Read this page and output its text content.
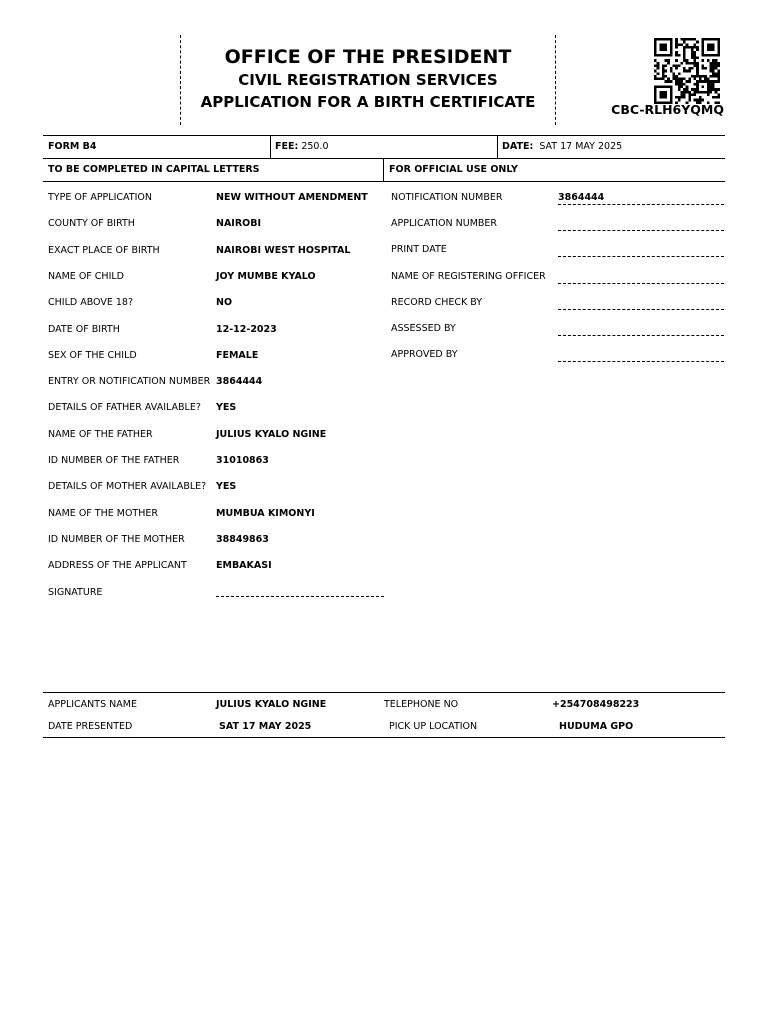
OFFICE OF THE PRESIDENT
CIVIL REGISTRATION SERVICES
APPLICATION FOR A BIRTH CERTIFICATE	CBC-RLH6YQMQ
FORM B4	FEE: 250.0	DATE: SAT 17 MAY 2025
TO BE COMPLETED IN CAPITAL LETTERS	FOR OFFICIAL USE ONLY
TYPE OF APPLICATION	NEW WITHOUT AMENDMENT
COUNTY OF BIRTH	NAIROBI
EXACT PLACE OF BIRTH	NAIROBI WEST HOSPITAL
NAME OF CHILD	JOY MUMBE KYALO
CHILD ABOVE 18?	NO
DATE OF BIRTH	12-12-2023
SEX OF THE CHILD	FEMALE
ENTRY OR NOTIFICATION NUMBER 3864444
DETAILS OF FATHER AVAILABLE? YES
NAME OF THE FATHER	JULIUS KYALO NGINE
ID NUMBER OF THE FATHER	31010863
DETAILS OF MOTHER AVAILABLE? YES
NAME OF THE MOTHER	MUMBUA KIMONYI
ID NUMBER OF THE MOTHER	38849863
ADDRESS OF THE APPLICANT	EMBAKASI
SIGNATURE
NOTIFICATION NUMBER	3864444
APPLICATION NUMBER
PRINT DATE
NAME OF REGISTERING OFFICER
RECORD CHECK BY
ASSESSED BY
APPROVED BY
APPLICANTS NAME	JULIUS KYALO NGINE	TELEPHONE NO	+254708498223
DATE PRESENTED	SAT 17 MAY 2025	PICK UP LOCATION	HUDUMA GPO
